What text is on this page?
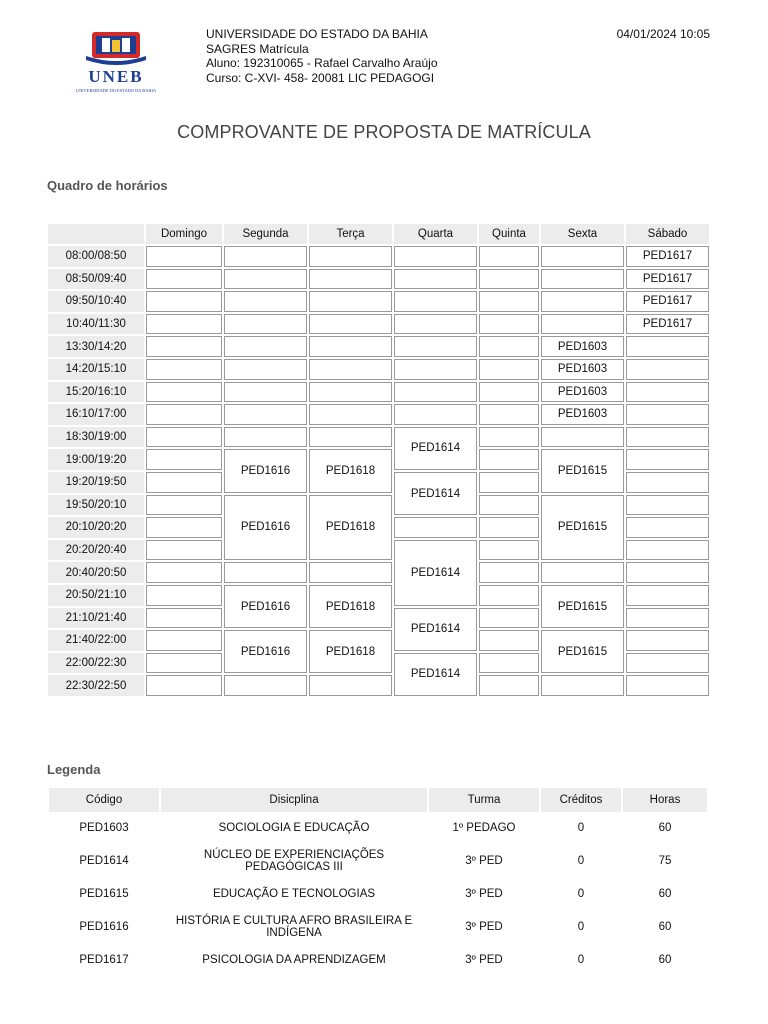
UNEB
UNIVERSIDADE DO ESTADO DA BAHIA
UNIVERSIDADE DO ESTADO DA BAHIA
SAGRES Matrícula
Aluno: 192310065 - Rafael Carvalho Araújo
Curso: C-XVI- 458- 20081 LIC PEDAGOGI
04/01/2024 10:05
COMPROVANTE DE PROPOSTA DE MATRÍCULA
Quadro de horários
	Domingo	Segunda	Terça	Quarta	Quinta	Sexta	Sábado
08:00/08:50							PED1617
08:50/09:40							PED1617
09:50/10:40							PED1617
10:40/11:30							PED1617
13:30/14:20						PED1603	
14:20/15:10						PED1603	
15:20/16:10						PED1603	
16:10/17:00						PED1603	
18:30/19:00				PED1614			
19:00/19:20		PED1616	PED1618			PED1615	
19:20/19:50				PED1614			
19:50/20:10		PED1616	PED1618			PED1615	
20:10/20:20							
20:20/20:40				PED1614			
20:40/20:50							
20:50/21:10		PED1616	PED1618			PED1615	
21:10/21:40				PED1614			
21:40/22:00		PED1616	PED1618			PED1615	
22:00/22:30				PED1614			
22:30/22:50							
Legenda
Código	Disicplina	Turma	Créditos	Horas
PED1603	SOCIOLOGIA E EDUCAÇÃO	1º PEDAGO	0	60
PED1614	NÚCLEO DE EXPERIENCIAÇÕES PEDAGÓGICAS III	3º PED	0	75
PED1615	EDUCAÇÃO E TECNOLOGIAS	3º PED	0	60
PED1616	HISTÓRIA E CULTURA AFRO BRASILEIRA E INDÍGENA	3º PED	0	60
PED1617	PSICOLOGIA DA APRENDIZAGEM	3º PED	0	60
